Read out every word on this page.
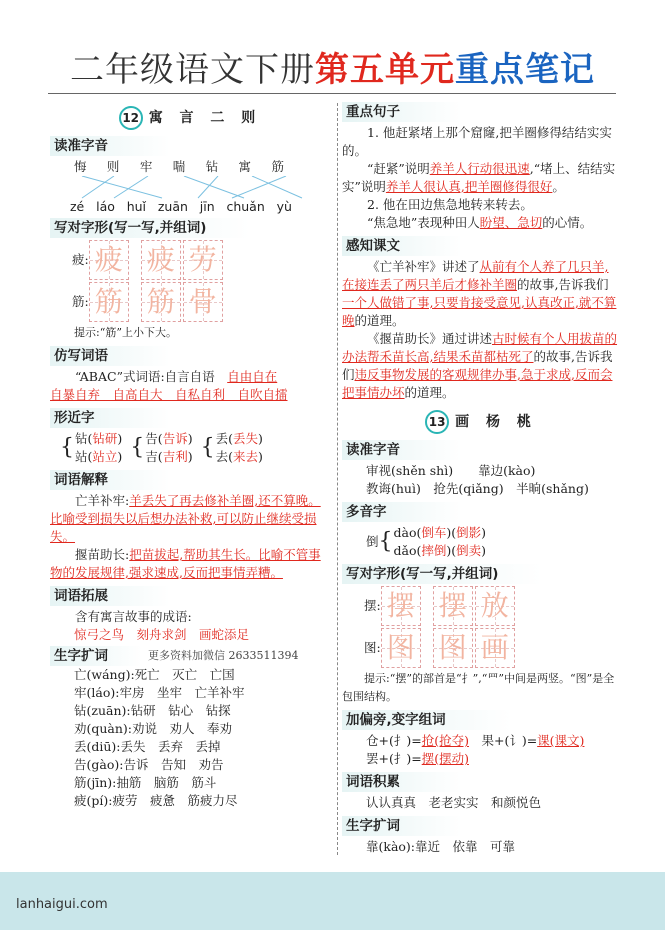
二年级语文下册第五单元重点笔记
12 寓 言 二 则
读准字音
悔 则 牢 喘 钻 寓 筋
zé láo huǐ zuān jīn chuǎn yù
写对字形(写一写,并组词)
疲: 疲 疲 劳
筋: 筋 筋 骨
提示:“筋”上小下大。
仿写词语
“ABAC”式词语:自言自语　 自由自在
自暴自弃　自高自大　自私自利　自吹自擂
形近字
{ 钻(钻研)
站(站立) { 告(告诉)
吉(吉利) { 丢(丢失)
去(来去)
词语解释
亡羊补牢:羊丢失了再去修补羊圈,还不算晚。比喻受到损失以后想办法补救,可以防止继续受损失。
揠苗助长:把苗拔起,帮助其生长。比喻不管事物的发展规律,强求速成,反而把事情弄糟。
词语拓展
含有寓言故事的成语:
惊弓之鸟　刻舟求剑　画蛇添足
生字扩词	更多资料加微信 2633511394
亡(wáng):死亡　灭亡　亡国
牢(láo):牢房　坐牢　亡羊补牢
钻(zuān):钻研　钻心　钻探
劝(quàn):劝说　劝人　奉劝
丢(diū):丢失　丢弃　丢掉
告(gào):告诉　告知　劝告
筋(jīn):抽筋　脑筋　筋斗
疲(pí):疲劳　疲惫　筋疲力尽
重点句子
1. 他赶紧堵上那个窟窿,把羊圈修得结结实实的。
“赶紧”说明养羊人行动很迅速,“堵上、结结实实”说明养羊人很认真,把羊圈修得很好。
2. 他在田边焦急地转来转去。
“焦急地”表现种田人盼望、急切的心情。
感知课文
《亡羊补牢》讲述了从前有个人养了几只羊,在接连丢了两只羊后才修补羊圈的故事,告诉我们一个人做错了事,只要肯接受意见,认真改正,就不算晚的道理。
《揠苗助长》通过讲述古时候有个人用拔苗的办法帮禾苗长高,结果禾苗都枯死了的故事,告诉我们违反事物发展的客观规律办事,急于求成,反而会把事情办坏的道理。
13 画 杨 桃
读准字音
审视(shěn shì)　　靠边(kào)
教诲(huì)　抢先(qiǎng)　半晌(shǎng)
多音字
倒 { dào(倒车)(倒影)
dǎo(摔倒)(倒卖)
写对字形(写一写,并组词)
摆: 摆 摆 放
图: 图 图 画
提示:“摆”的部首是“扌”,“罒”中间是两竖。“图”是全包围结构。
加偏旁,变字组词
仓+(扌)=抢(抢夺)　果+(讠)=课(课文)
罢+(扌)=摆(摆动)
词语积累
认认真真　老老实实　和颜悦色
生字扩词
靠(kào):靠近　依靠　可靠
lanhaigui.com
